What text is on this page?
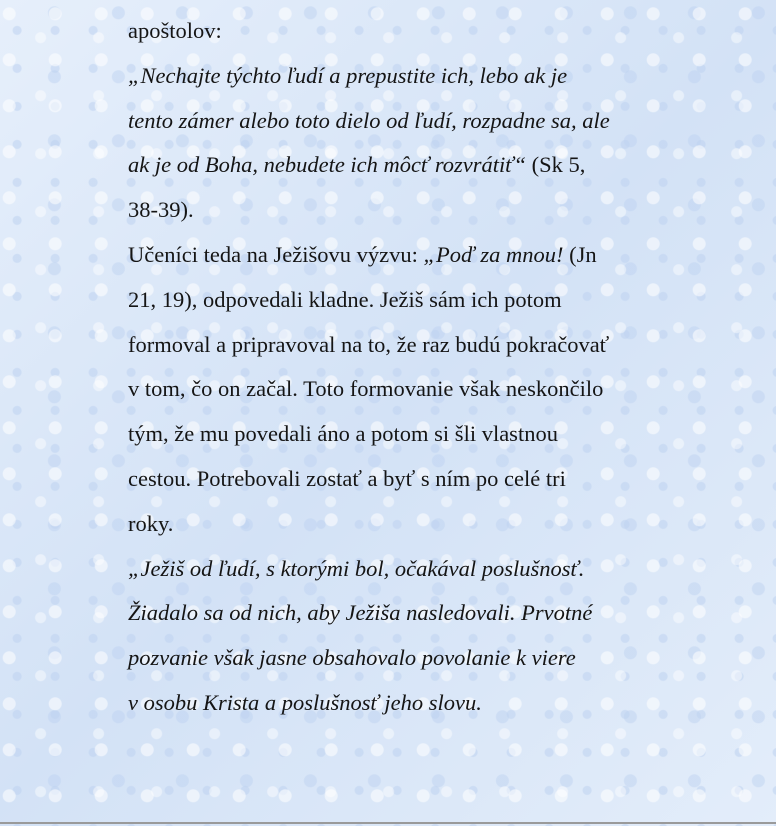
apoštolov:
„Nechajte týchto ľudí a prepustite ich, lebo ak je
tento zámer alebo toto dielo od ľudí, rozpadne sa, ale
ak je od Boha, nebudete ich môcť rozvrátiť“ (Sk 5,
38-39).
Učeníci teda na Ježišovu výzvu: „Poď za mnou! (Jn
21, 19), odpovedali kladne. Ježiš sám ich potom
formoval a pripravoval na to, že raz budú pokračovať
v tom, čo on začal. Toto formovanie však neskončilo
tým, že mu povedali áno a potom si šli vlastnou
cestou. Potrebovali zostať a byť s ním po celé tri
roky.
„Ježiš od ľudí, s ktorými bol, očakával poslušnosť.
Žiadalo sa od nich, aby Ježiša nasledovali. Prvotné
pozvanie však jasne obsahovalo povolanie k viere
v osobu Krista a poslušnosť jeho slovu.
